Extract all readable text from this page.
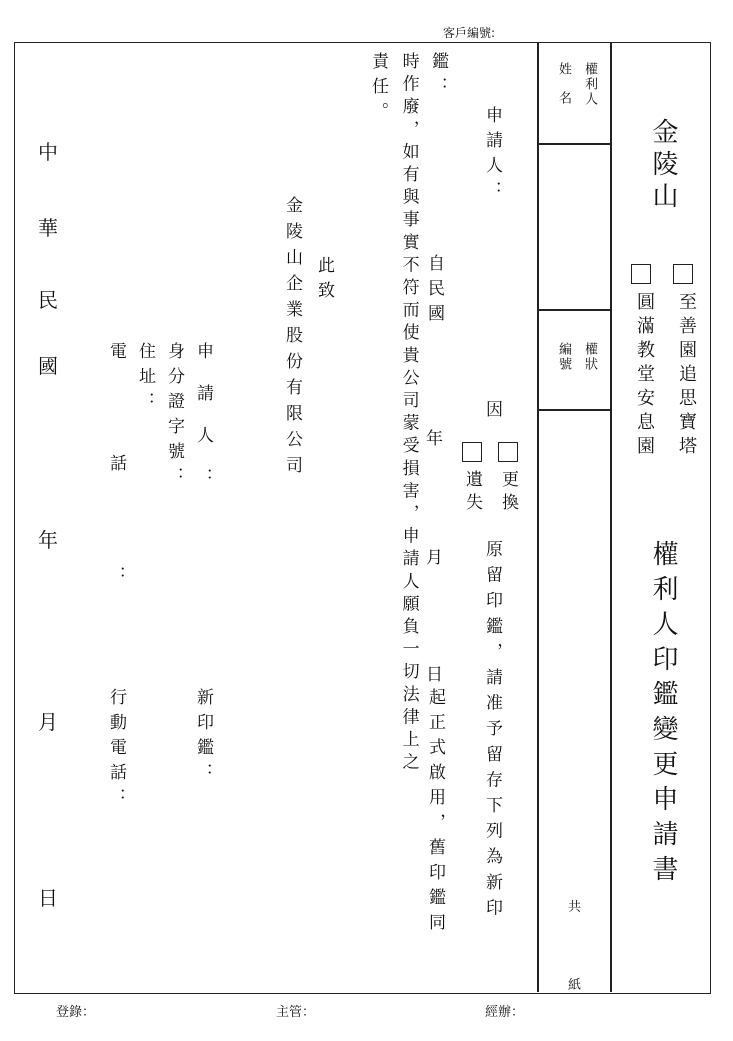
客戶編號:
金陵山
至善園追思寶塔
圓滿教堂安息園
權利人印鑑變更申請書
權利人
姓名
權狀
編號
共
紙
申請人：
因
更換
遺失
原留印鑑，請准予留存下列為新印
鑑：
自民國
年
月
日
起正式啟用，舊印鑑同
時作廢，如有與事實不符而使貴公司蒙受損害，申請人願負一切法律上之
責任。
此致
金陵山企業股份有限公司
申請人：
新印鑑：
身分證字號：
住址：
電話：
行動電話：
中
華
民
國
年
月
日
登錄：	主管：	經辦：
